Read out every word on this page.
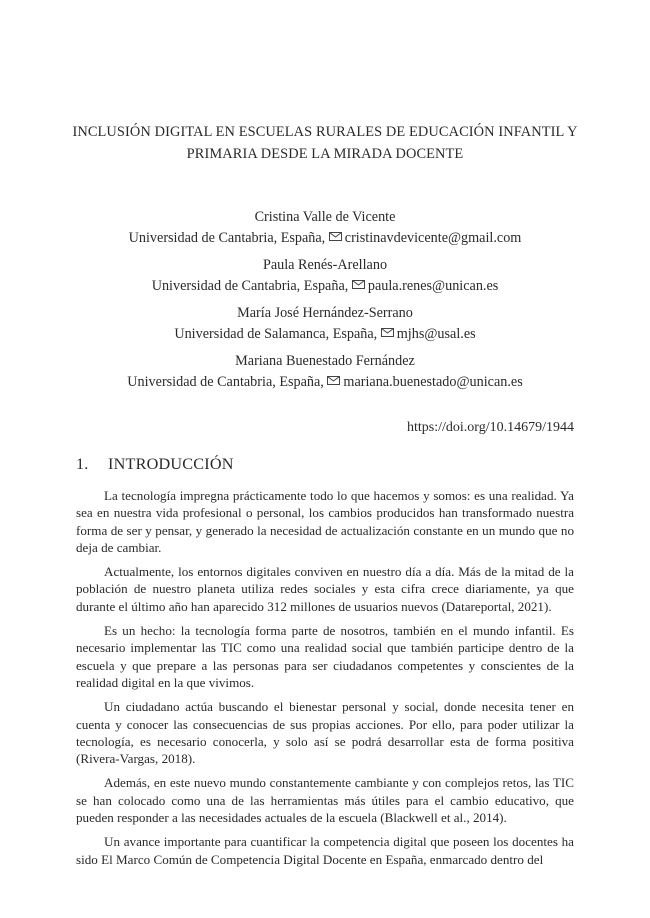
INCLUSIÓN DIGITAL EN ESCUELAS RURALES DE EDUCACIÓN INFANTIL Y
PRIMARIA DESDE LA MIRADA DOCENTE
Cristina Valle de Vicente
Universidad de Cantabria, España, cristinavdevicente@gmail.com
Paula Renés-Arellano
Universidad de Cantabria, España, paula.renes@unican.es
María José Hernández-Serrano
Universidad de Salamanca, España, mjhs@usal.es
Mariana Buenestado Fernández
Universidad de Cantabria, España, mariana.buenestado@unican.es
https://doi.org/10.14679/1944
1. INTRODUCCIÓN

La tecnología impregna prácticamente todo lo que hacemos y somos: es una realidad. Ya sea en nuestra vida profesional o personal, los cambios producidos han transformado nuestra forma de ser y pensar, y generado la necesidad de actualización constante en un mundo que no deja de cambiar.

Actualmente, los entornos digitales conviven en nuestro día a día. Más de la mitad de la población de nuestro planeta utiliza redes sociales y esta cifra crece diariamente, ya que durante el último año han aparecido 312 millones de usuarios nuevos (Datareportal, 2021).

Es un hecho: la tecnología forma parte de nosotros, también en el mundo infantil. Es necesario implementar las TIC como una realidad social que también participe dentro de la escuela y que prepare a las personas para ser ciudadanos competentes y conscientes de la realidad digital en la que vivimos.

Un ciudadano actúa buscando el bienestar personal y social, donde necesita tener en cuenta y conocer las consecuencias de sus propias acciones. Por ello, para poder utilizar la tecnología, es necesario conocerla, y solo así se podrá desarrollar esta de forma positiva (Rivera-Vargas, 2018).

Además, en este nuevo mundo constantemente cambiante y con complejos retos, las TIC se han colocado como una de las herramientas más útiles para el cambio educativo, que pueden responder a las necesidades actuales de la escuela (Blackwell et al., 2014).

Un avance importante para cuantificar la competencia digital que poseen los docentes ha sido El Marco Común de Competencia Digital Docente en España, enmarcado dentro del
